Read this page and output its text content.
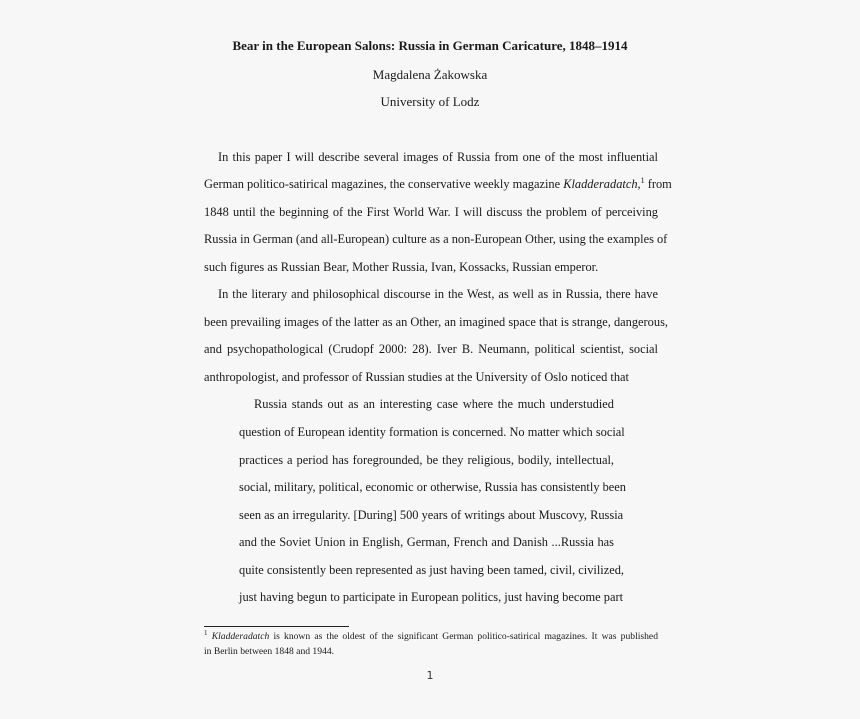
Bear in the European Salons: Russia in German Caricature, 1848–1914
Magdalena Żakowska
University of Lodz
In this paper I will describe several images of Russia from one of the most influential
German politico-satirical magazines, the conservative weekly magazine Kladderadatch,$^1$ from
1848 until the beginning of the First World War. I will discuss the problem of perceiving
Russia in German (and all-European) culture as a non-European Other, using the examples of
such figures as Russian Bear, Mother Russia, Ivan, Kossacks, Russian emperor.
In the literary and philosophical discourse in the West, as well as in Russia, there have
been prevailing images of the latter as an Other, an imagined space that is strange, dangerous,
and psychopathological (Crudopf 2000: 28). Iver B. Neumann, political scientist, social
anthropologist, and professor of Russian studies at the University of Oslo noticed that
Russia stands out as an interesting case where the much understudied
question of European identity formation is concerned. No matter which social
practices a period has foregrounded, be they religious, bodily, intellectual,
social, military, political, economic or otherwise, Russia has consistently been
seen as an irregularity. [During] 500 years of writings about Muscovy, Russia
and the Soviet Union in English, German, French and Danish ...Russia has
quite consistently been represented as just having been tamed, civil, civilized,
just having begun to participate in European politics, just having become part
$^1$ Kladderadatch is known as the oldest of the significant German politico-satirical magazines. It was published
in Berlin between 1848 and 1944.
1
